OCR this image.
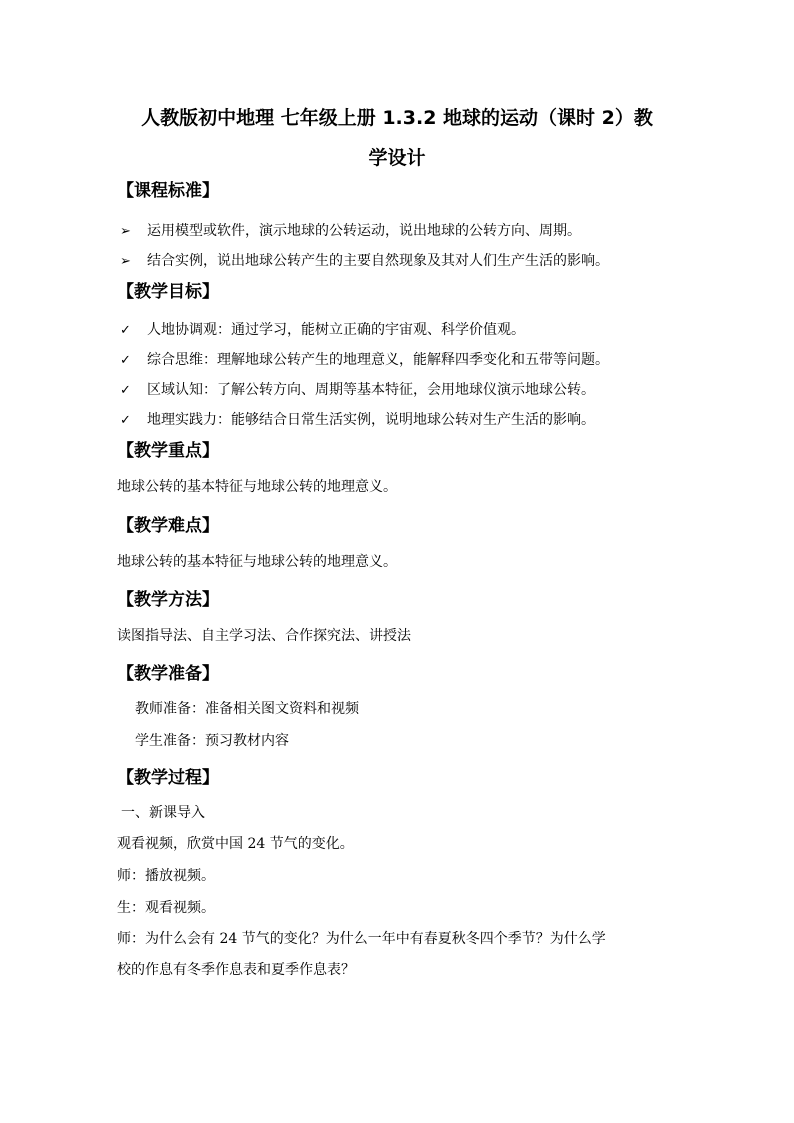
人教版初中地理 七年级上册 1.3.2 地球的运动（课时 2）教
学设计
【课程标准】
➢ 运用模型或软件，演示地球的公转运动，说出地球的公转方向、周期。
➢ 结合实例，说出地球公转产生的主要自然现象及其对人们生产生活的影响。
【教学目标】
✓ 人地协调观：通过学习，能树立正确的宇宙观、科学价值观。
✓ 综合思维：理解地球公转产生的地理意义，能解释四季变化和五带等问题。
✓ 区域认知：了解公转方向、周期等基本特征，会用地球仪演示地球公转。
✓ 地理实践力：能够结合日常生活实例，说明地球公转对生产生活的影响。
【教学重点】
地球公转的基本特征与地球公转的地理意义。
【教学难点】
地球公转的基本特征与地球公转的地理意义。
【教学方法】
读图指导法、自主学习法、合作探究法、讲授法
【教学准备】
教师准备：准备相关图文资料和视频
学生准备：预习教材内容
【教学过程】
一、新课导入
观看视频，欣赏中国 24 节气的变化。
师：播放视频。
生：观看视频。
师：为什么会有 24 节气的变化？为什么一年中有春夏秋冬四个季节？为什么学
校的作息有冬季作息表和夏季作息表？
